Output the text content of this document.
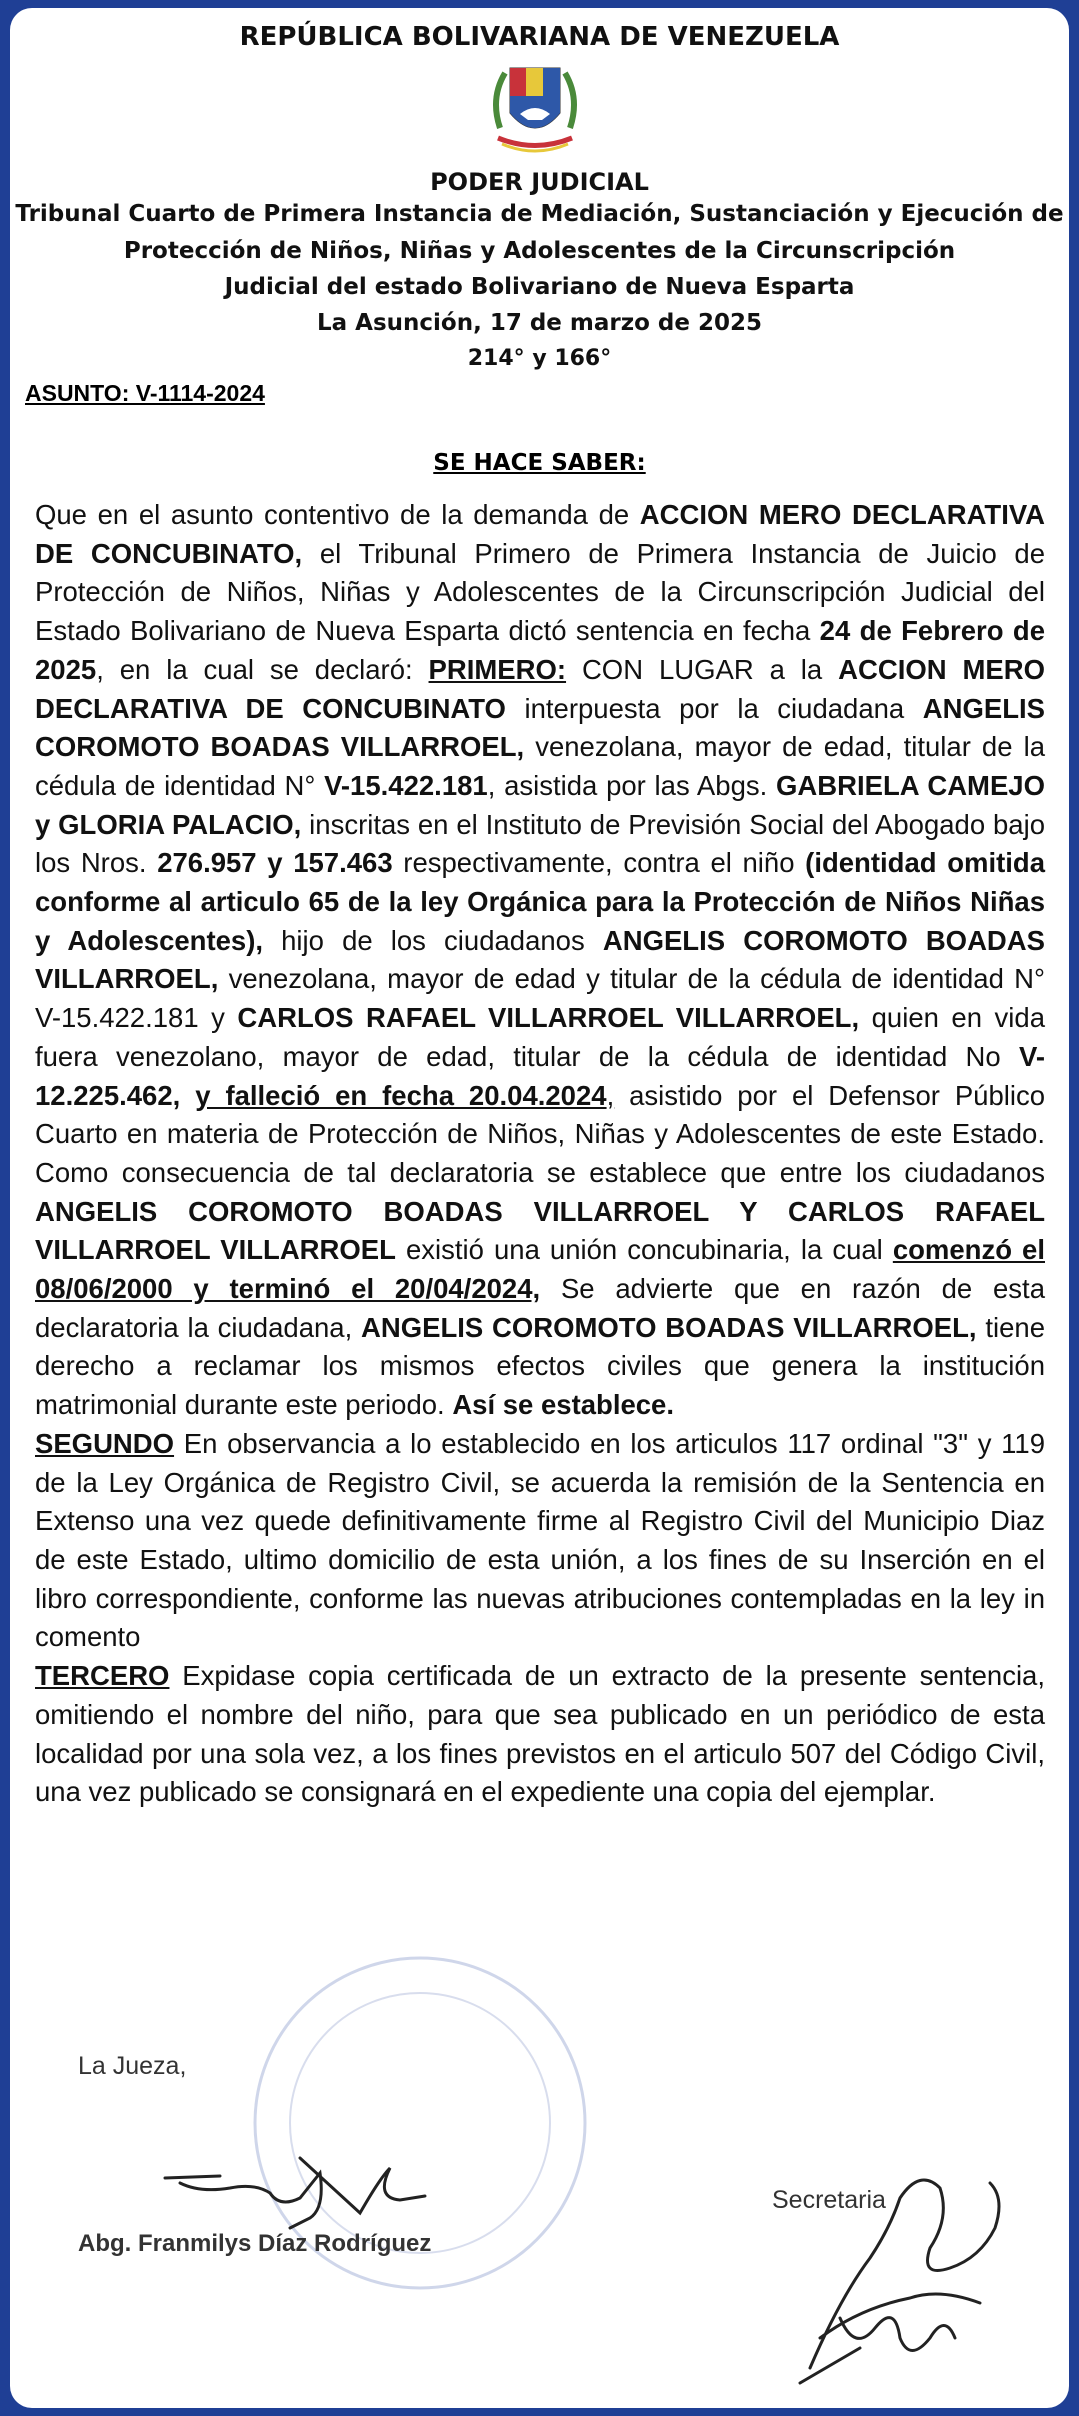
REPÚBLICA BOLIVARIANA DE VENEZUELA
PODER JUDICIAL
Tribunal Cuarto de Primera Instancia de Mediación, Sustanciación y Ejecución de
Protección de Niños, Niñas y Adolescentes de la Circunscripción
Judicial del estado Bolivariano de Nueva Esparta
La Asunción, 17 de marzo de 2025
214° y 166°
ASUNTO: V-1114-2024
SE HACE SABER:

Que en el asunto contentivo de la demanda de ACCION MERO DECLARATIVA DE CONCUBINATO, el Tribunal Primero de Primera Instancia de Juicio de Protección de Niños, Niñas y Adolescentes de la Circunscripción Judicial del Estado Bolivariano de Nueva Esparta dictó sentencia en fecha 24 de Febrero de 2025, en la cual se declaró: PRIMERO: CON LUGAR a la ACCION MERO DECLARATIVA DE CONCUBINATO interpuesta por la ciudadana ANGELIS COROMOTO BOADAS VILLARROEL, venezolana, mayor de edad, titular de la cédula de identidad N° V-15.422.181, asistida por las Abgs. GABRIELA CAMEJO y GLORIA PALACIO, inscritas en el Instituto de Previsión Social del Abogado bajo los Nros. 276.957 y 157.463 respectivamente, contra el niño (identidad omitida conforme al articulo 65 de la ley Orgánica para la Protección de Niños Niñas y Adolescentes), hijo de los ciudadanos ANGELIS COROMOTO BOADAS VILLARROEL, venezolana, mayor de edad y titular de la cédula de identidad N° V-15.422.181 y CARLOS RAFAEL VILLARROEL VILLARROEL, quien en vida fuera venezolano, mayor de edad, titular de la cédula de identidad No V-12.225.462, y falleció en fecha 20.04.2024, asistido por el Defensor Público Cuarto en materia de Protección de Niños, Niñas y Adolescentes de este Estado. Como consecuencia de tal declaratoria se establece que entre los ciudadanos ANGELIS COROMOTO BOADAS VILLARROEL Y CARLOS RAFAEL VILLARROEL VILLARROEL existió una unión concubinaria, la cual comenzó el 08/06/2000 y terminó el 20/04/2024, Se advierte que en razón de esta declaratoria la ciudadana, ANGELIS COROMOTO BOADAS VILLARROEL, tiene derecho a reclamar los mismos efectos civiles que genera la institución matrimonial durante este periodo. Así se establece.

SEGUNDO En observancia a lo establecido en los articulos 117 ordinal "3" y 119 de la Ley Orgánica de Registro Civil, se acuerda la remisión de la Sentencia en Extenso una vez quede definitivamente firme al Registro Civil del Municipio Diaz de este Estado, ultimo domicilio de esta unión, a los fines de su Inserción en el libro correspondiente, conforme las nuevas atribuciones contempladas en la ley in comento

TERCERO Expidase copia certificada de un extracto de la presente sentencia, omitiendo el nombre del niño, para que sea publicado en un periódico de esta localidad por una sola vez, a los fines previstos en el articulo 507 del Código Civil, una vez publicado se consignará en el expediente una copia del ejemplar.

La Jueza,
Abg. Franmilys Díaz Rodríguez
Secretaria
